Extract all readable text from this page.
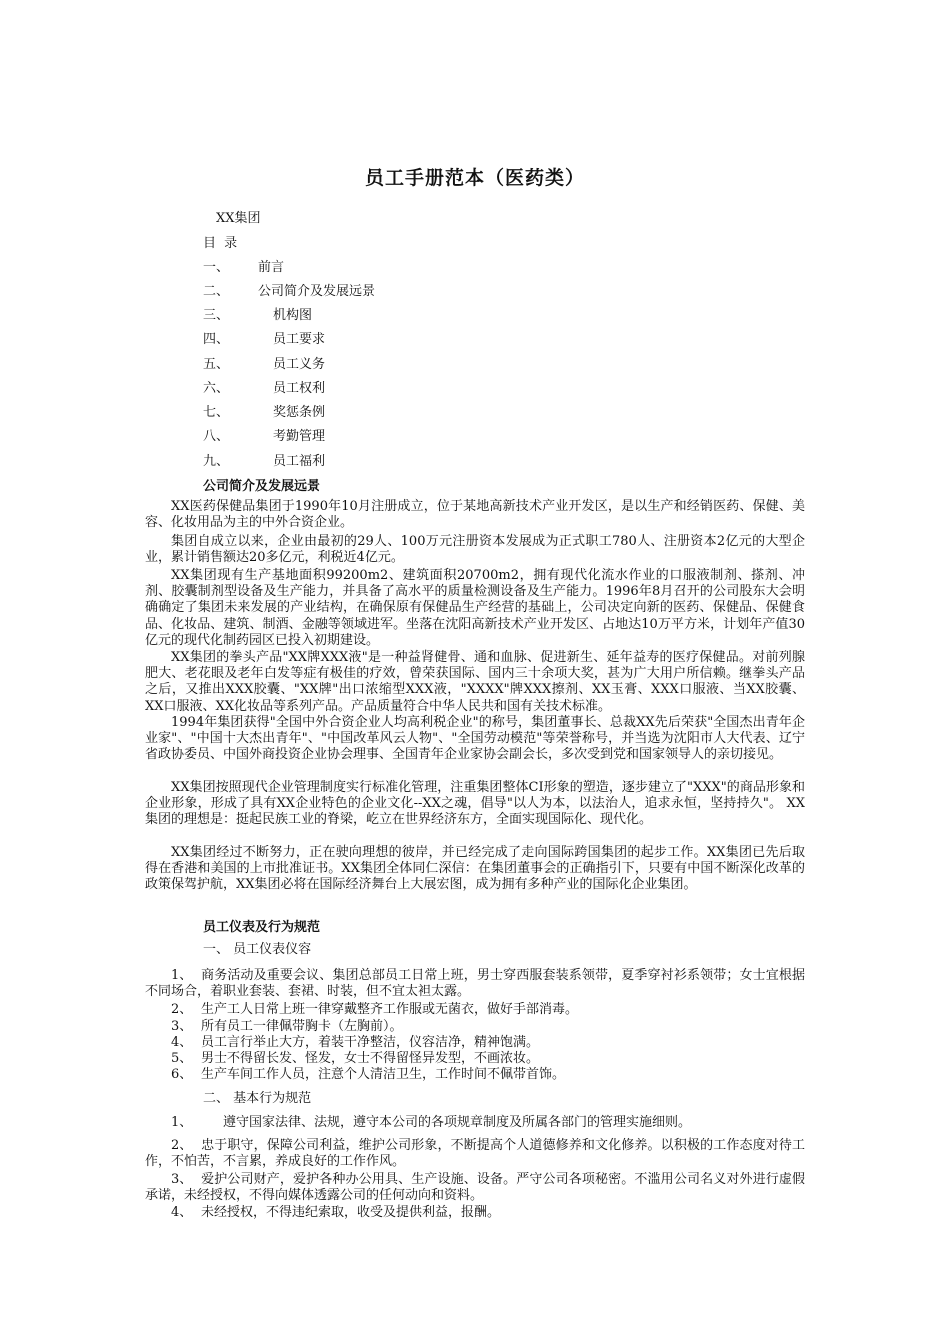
员工手册范本（医药类）
XX集团
目 录
一、 前言
二、 公司简介及发展远景
三、	机构图
四、	员工要求
五、	员工义务
六、	员工权利
七、	奖惩条例
八、	考勤管理
九、	员工福利
公司简介及发展远景
XX医药保健品集团于1990年10月注册成立，位于某地高新技术产业开发区，是以生产和经销医药、保健、美容、化妆用品为主的中外合资企业。
集团自成立以来，企业由最初的29人、100万元注册资本发展成为正式职工780人、注册资本2亿元的大型企业，累计销售额达20多亿元，利税近4亿元。
XX集团现有生产基地面积99200m2、建筑面积20700m2，拥有现代化流水作业的口服液制剂、搽剂、冲剂、胶囊制剂型设备及生产能力，并具备了高水平的质量检测设备及生产能力。1996年8月召开的公司股东大会明确确定了集团未来发展的产业结构，在确保原有保健品生产经营的基础上，公司决定向新的医药、保健品、保健食品、化妆品、建筑、制酒、金融等领域进军。坐落在沈阳高新技术产业开发区、占地达10万平方米，计划年产值30亿元的现代化制药园区已投入初期建设。
XX集团的拳头产品"XX牌XXX液"是一种益肾健骨、通和血脉、促进新生、延年益寿的医疗保健品。对前列腺肥大、老花眼及老年白发等症有极佳的疗效，曾荣获国际、国内三十余项大奖，甚为广大用户所信赖。继拳头产品之后，又推出XXX胶囊、"XX牌"出口浓缩型XXX液，"XXXX"牌XXX擦剂、XX玉膏、XXX口服液、当XX胶囊、XX口服液、XX化妆品等系列产品。产品质量符合中华人民共和国有关技术标准。
1994年集团获得"全国中外合资企业人均高利税企业"的称号，集团董事长、总裁XX先后荣获"全国杰出青年企业家"、"中国十大杰出青年"、"中国改革风云人物"、"全国劳动模范"等荣誉称号，并当选为沈阳市人大代表、辽宁省政协委员、中国外商投资企业协会理事、全国青年企业家协会副会长，多次受到党和国家领导人的亲切接见。
XX集团按照现代企业管理制度实行标准化管理，注重集团整体CI形象的塑造，逐步建立了"XXX"的商品形象和企业形象，形成了具有XX企业特色的企业文化--XX之魂，倡导"以人为本，以法治人，追求永恒，坚持持久"。 XX集团的理想是：挺起民族工业的脊梁，屹立在世界经济东方，全面实现国际化、现代化。
XX集团经过不断努力，正在驶向理想的彼岸，并已经完成了走向国际跨国集团的起步工作。XX集团已先后取得在香港和美国的上市批准证书。XX集团全体同仁深信：在集团董事会的正确指引下，只要有中国不断深化改革的政策保驾护航，XX集团必将在国际经济舞台上大展宏图，成为拥有多种产业的国际化企业集团。
员工仪表及行为规范
一、 员工仪表仪容
1、 商务活动及重要会议、集团总部员工日常上班，男士穿西服套装系领带，夏季穿衬衫系领带；女士宜根据不同场合，着职业套装、套裙、时装，但不宜太袒太露。
2、 生产工人日常上班一律穿戴整齐工作服或无菌衣，做好手部消毒。
3、 所有员工一律佩带胸卡（左胸前）。
4、 员工言行举止大方，着装干净整洁，仪容洁净，精神饱满。
5、 男士不得留长发、怪发，女士不得留怪异发型，不画浓妆。
6、 生产车间工作人员，注意个人清洁卫生，工作时间不佩带首饰。
二、 基本行为规范
1、 遵守国家法律、法规，遵守本公司的各项规章制度及所属各部门的管理实施细则。
2、 忠于职守，保障公司利益，维护公司形象，不断提高个人道德修养和文化修养。以积极的工作态度对待工作，不怕苦，不言累，养成良好的工作作风。
3、 爱护公司财产，爱护各种办公用具、生产设施、设备。严守公司各项秘密。不滥用公司名义对外进行虚假承诺，未经授权，不得向媒体透露公司的任何动向和资料。
4、 未经授权，不得违纪索取，收受及提供利益，报酬。
